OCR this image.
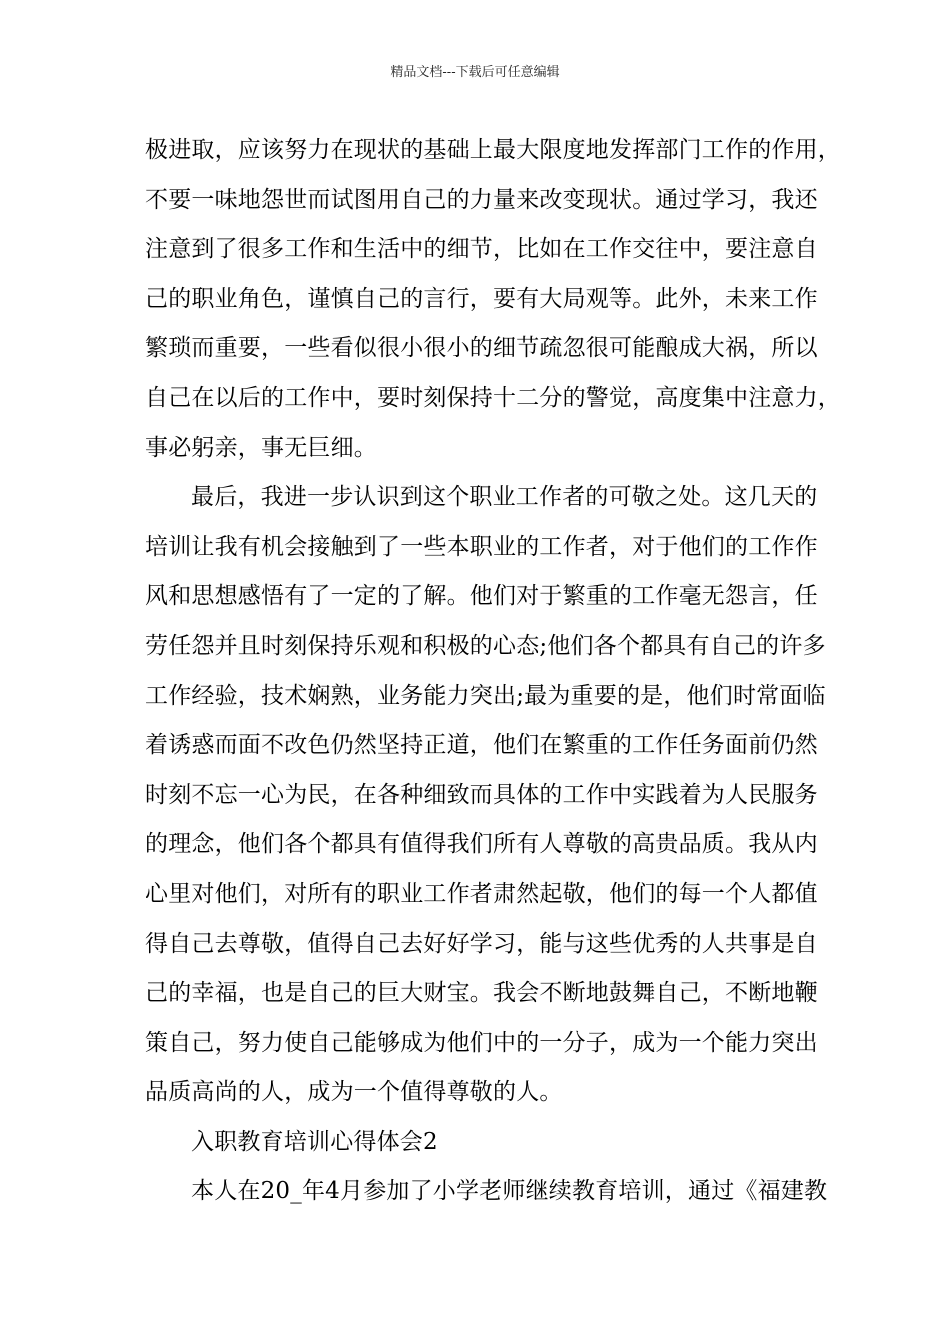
精品文档---下载后可任意编辑
极进取，应该努力在现状的基础上最大限度地发挥部门工作的作用，
不要一味地怨世而试图用自己的力量来改变现状。通过学习，我还
注意到了很多工作和生活中的细节，比如在工作交往中，要注意自
己的职业角色，谨慎自己的言行，要有大局观等。此外，未来工作
繁琐而重要，一些看似很小很小的细节疏忽很可能酿成大祸，所以
自己在以后的工作中，要时刻保持十二分的警觉，高度集中注意力，
事必躬亲，事无巨细。
最后，我进一步认识到这个职业工作者的可敬之处。这几天的
培训让我有机会接触到了一些本职业的工作者，对于他们的工作作
风和思想感悟有了一定的了解。他们对于繁重的工作毫无怨言，任
劳任怨并且时刻保持乐观和积极的心态;他们各个都具有自己的许多
工作经验，技术娴熟，业务能力突出;最为重要的是，他们时常面临
着诱惑而面不改色仍然坚持正道，他们在繁重的工作任务面前仍然
时刻不忘一心为民，在各种细致而具体的工作中实践着为人民服务
的理念，他们各个都具有值得我们所有人尊敬的高贵品质。我从内
心里对他们，对所有的职业工作者肃然起敬，他们的每一个人都值
得自己去尊敬，值得自己去好好学习，能与这些优秀的人共事是自
己的幸福，也是自己的巨大财宝。我会不断地鼓舞自己，不断地鞭
策自己，努力使自己能够成为他们中的一分子，成为一个能力突出
品质高尚的人，成为一个值得尊敬的人。
入职教育培训心得体会2
本人在20_年4月参加了小学老师继续教育培训，通过《福建教
